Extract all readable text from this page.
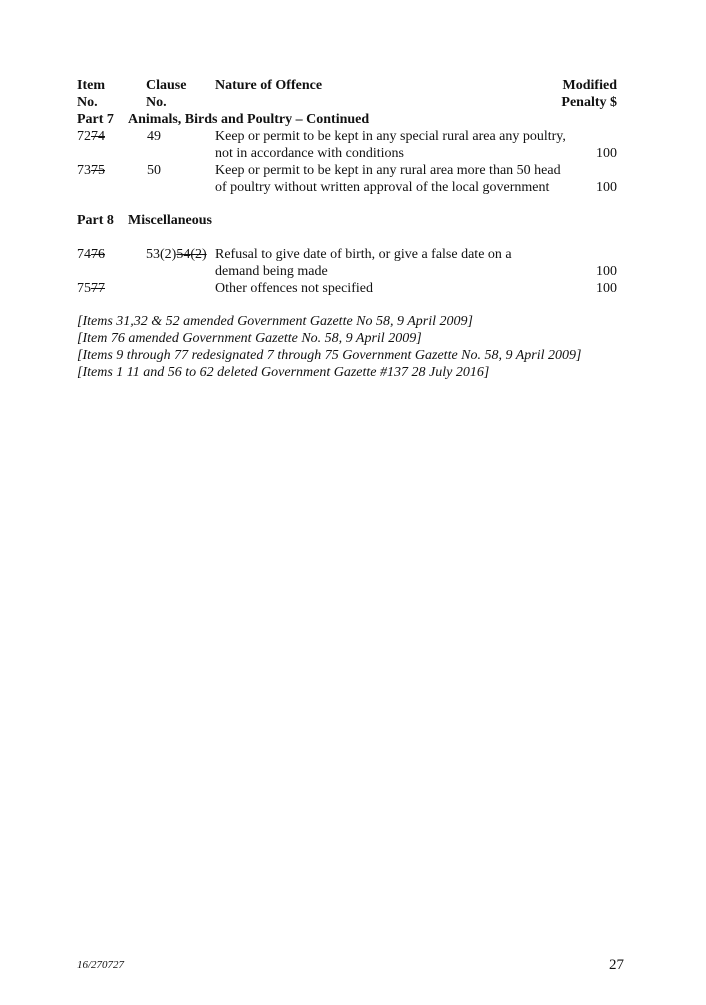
Item	Clause Nature of Offence	Modified
No.	No.	Penalty $
Part 7 Animals, Birds and Poultry – Continued
7274	49	Keep or permit to be kept in any special rural area any poultry,
not in accordance with conditions	100
7375	50	Keep or permit to be kept in any rural area more than 50 head
of poultry without written approval of the local government	100
Part 8 Miscellaneous
7476	53(2)54(2) Refusal to give date of birth, or give a false date on a
demand being made	100
7577	Other offences not specified	100
[Items 31,32 & 52 amended Government Gazette No 58, 9 April 2009]
[Item 76 amended Government Gazette No. 58, 9 April 2009]
[Items 9 through 77 redesignated 7 through 75 Government Gazette No. 58, 9 April 2009]
[Items 1 11 and 56 to 62 deleted Government Gazette #137 28 July 2016]
16/270727	27
